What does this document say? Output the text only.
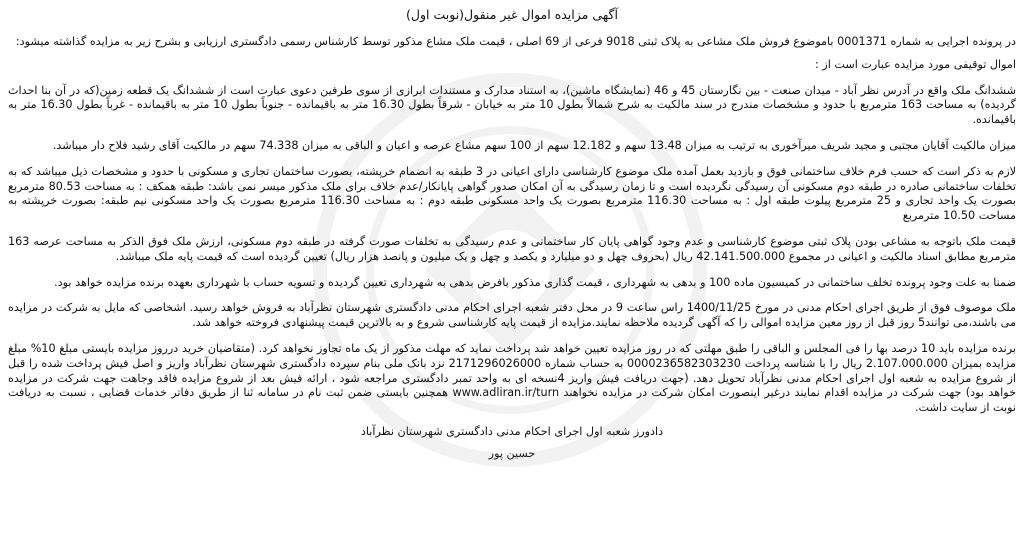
آگهی مزایده اموال غیر منقول(نوبت اول)
در پرونده اجرایی به شماره 0001371 باموضوع فروش ملک مشاعی به پلاک ثبتی 9018 فرعی از 69 اصلی ، قیمت ملک مشاع مذکور توسط کارشناس رسمی دادگستری ارزیابی و بشرح زیر به مزایده گذاشته میشود:
اموال توقیفی مورد مزایده عبارت است از :
ششدانگ ملک واقع در آدرس نظر آباد - میدان صنعت - بین نگارستان 45 و 46 (نمایشگاه ماشین)، به استناد مدارک و مستندات ابرازی از سوی طرفین دعوی عبارت است از ششدانگ یک قطعه زمین(که در آن بنا احداث گردیده) به مساحت 163 مترمربع با حدود و مشخصات مندرج در سند مالکیت به شرح شمالاً بطول 10 متر به خیابان - شرقاً بطول 16.30 متر به باقیمانده - جنوباً بطول 10 متر به باقیمانده - غرباً بطول 16.30 متر به باقیمانده.
میزان مالکیت آقایان مجتبی و مجید شریف میرآخوری به ترتیب به میزان 13.48 سهم و 12.182 سهم از 100 سهم مشاع عرصه و اعیان و الباقی به میزان 74.338 سهم در مالکیت آقای رشید فلاح دار میباشد.
لازم به ذکر است که حسب فرم خلاف ساختمانی فوق و بازدید بعمل آمده ملک موضوع کارشناسی دارای اعیانی در 3 طبقه به انضمام خرپشته، بصورت ساختمان تجاری و مسکونی با حدود و مشخصات ذیل میباشد که به تخلفات ساختمانی صادره در طبقه دوم مسکونی آن رسیدگی نگردیده است و تا زمان رسیدگی به آن امکان صدور گواهی پایانکار/عدم خلاف برای ملک مذکور میسر نمی باشد: طبقه همکف : به مساحت 80.53 مترمربع بصورت یک واحد تجاری و 25 مترمربع پیلوت طبقه اول : به مساحت 116.30 مترمربع بصورت یک واحد مسکونی طبقه دوم : به مساحت 116.30 مترمربع بصورت یک واحد مسکونی نیم طبقه: بصورت خرپشته به مساحت 10.50 مترمربع
قیمت ملک باتوجه به مشاعی بودن پلاک ثبتی موضوع کارشناسی و عدم وجود گواهی پایان کار ساختمانی و عدم رسیدگی به تخلفات صورت گرفته در طبقه دوم مسکونی، ارزش ملک فوق الذکر به مساحت عرصه 163 مترمربع مطابق اسناد مالکیت و اعیانی در مجموع 42.141.500.000 ریال (بحروف چهل و دو میلیارد و یکصد و چهل و یک میلیون و پانصد هزار ریال) تعیین گردیده است که قیمت پایه ملک میباشد.
ضمنا به علت وجود پرونده تخلف ساختمانی در کمیسیون ماده 100 و بدهی به شهرداری ، قیمت گذاری مذکور بافرض بدهی به شهرداری تعیین گردیده و تسویه حساب با شهرداری بعهده برنده مزایده خواهد بود.
ملک موصوف فوق از طریق اجرای احکام مدنی در مورخ 1400/11/25 راس ساعت 9 در محل دفتر شعبه اجرای احکام مدنی دادگستری شهرستان نظرآباد به فروش خواهد رسید. اشخاصی که مایل به شرکت در مزایده می باشند،می توانند5 روز قبل از روز معین مزایده اموالی را که آگهی گردیده ملاحظه نمایند.مزایده از قیمت پایه کارشناسی شروع و به بالاترین قیمت پیشنهادی فروخته خواهد شد.
برنده مزایده باید 10 درصد بها را فی المجلس و الباقی را طبق مهلتی که در روز مزایده تعیین خواهد شد پرداخت نماید که مهلت مذکور از یک ماه تجاوز نخواهد کرد. (متقاضیان خرید درروز مزایده بایستی مبلغ 10% مبلغ مزایده بمیزان 2.107.000.000 ریال را با شناسه پرداخت 0000236582303230 به حساب شماره 2171296026000 نزد بانک ملی بنام سپرده دادگستری شهرستان نظرآباد واریز و اصل فیش پرداخت شده را قبل از شروع مزایده به شعبه اول اجرای احکام مدنی نظرآباد تحویل دهد. (جهت دریافت فیش واریز 4نسخه ای به واحد تمبر دادگستری مراجعه شود ، ارائه فیش بعد از شروع مزایده فاقد وجاهت جهت شرکت در مزایده خواهد بود) جهت شرکت در مزایده اقدام نمایند درغیر اینصورت امکان شرکت در مزایده نخواهند www.adliran.ir/turn همچنین بایستی ضمن ثبت نام در سامانه ثنا از طریق دفاتر خدمات قضایی ، نسبت به دریافت نوبت از سایت داشت.
دادورز شعبه اول اجرای احکام مدنی دادگستری شهرستان نظرآباد
حسین پور
